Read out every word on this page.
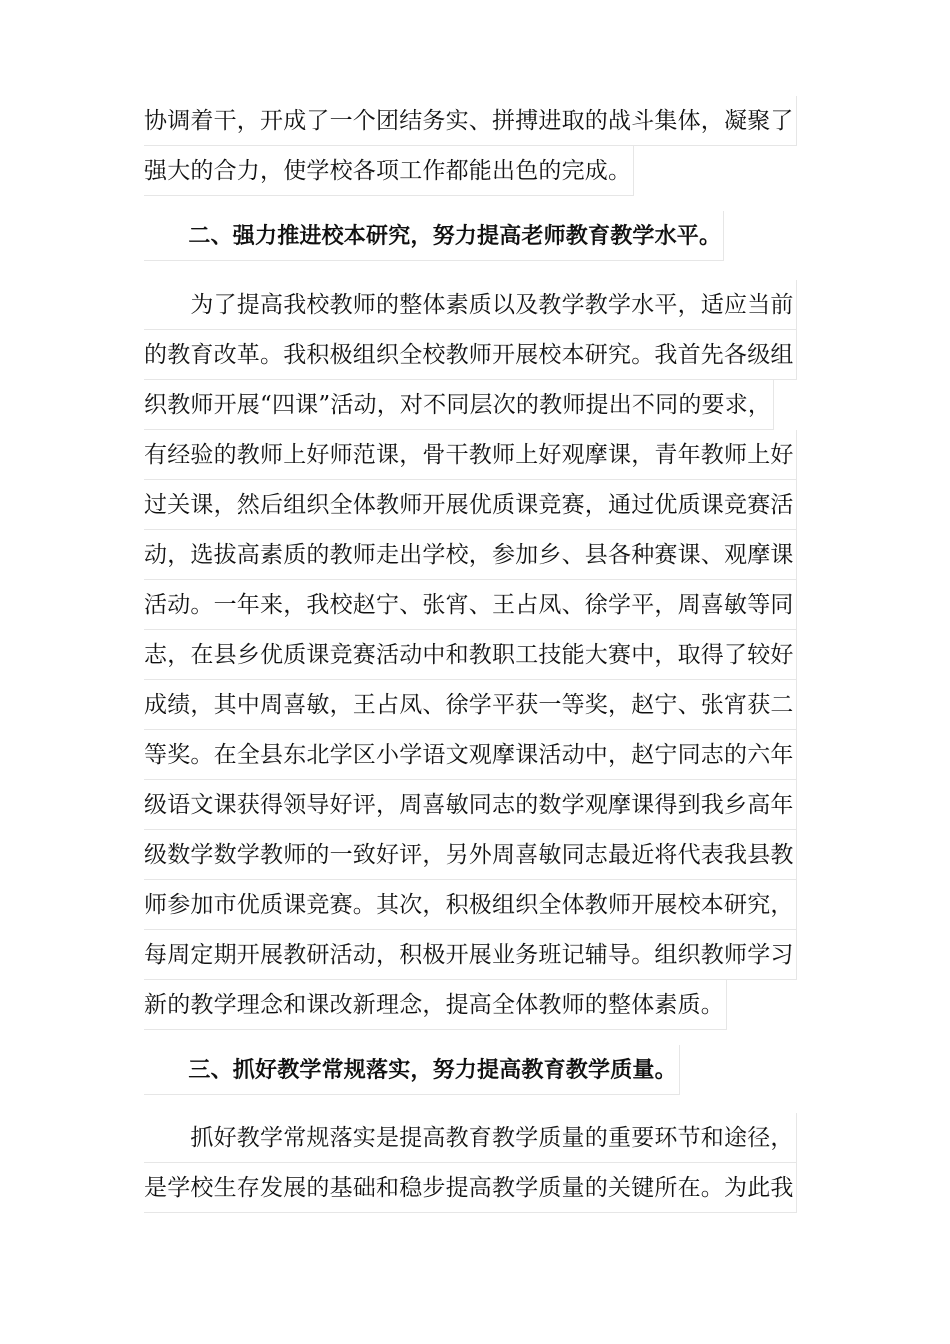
协调着干，开成了一个团结务实、拼搏进取的战斗集体，凝聚了
强大的合力，使学校各项工作都能出色的完成。
　　二、强力推进校本研究，努力提高老师教育教学水平。
　　为了提高我校教师的整体素质以及教学教学水平，适应当前
的教育改革。我积极组织全校教师开展校本研究。我首先各级组
织教师开展“四课”活动，对不同层次的教师提出不同的要求，
有经验的教师上好师范课，骨干教师上好观摩课，青年教师上好
过关课，然后组织全体教师开展优质课竞赛，通过优质课竞赛活
动，选拔高素质的教师走出学校，参加乡、县各种赛课、观摩课
活动。一年来，我校赵宁、张宵、王占凤、徐学平，周喜敏等同
志，在县乡优质课竞赛活动中和教职工技能大赛中，取得了较好
成绩，其中周喜敏，王占凤、徐学平获一等奖，赵宁、张宵获二
等奖。在全县东北学区小学语文观摩课活动中，赵宁同志的六年
级语文课获得领导好评，周喜敏同志的数学观摩课得到我乡高年
级数学数学教师的一致好评，另外周喜敏同志最近将代表我县教
师参加市优质课竞赛。其次，积极组织全体教师开展校本研究，
每周定期开展教研活动，积极开展业务班记辅导。组织教师学习
新的教学理念和课改新理念，提高全体教师的整体素质。
　　三、抓好教学常规落实，努力提高教育教学质量。
　　抓好教学常规落实是提高教育教学质量的重要环节和途径，
是学校生存发展的基础和稳步提高教学质量的关键所在。为此我
